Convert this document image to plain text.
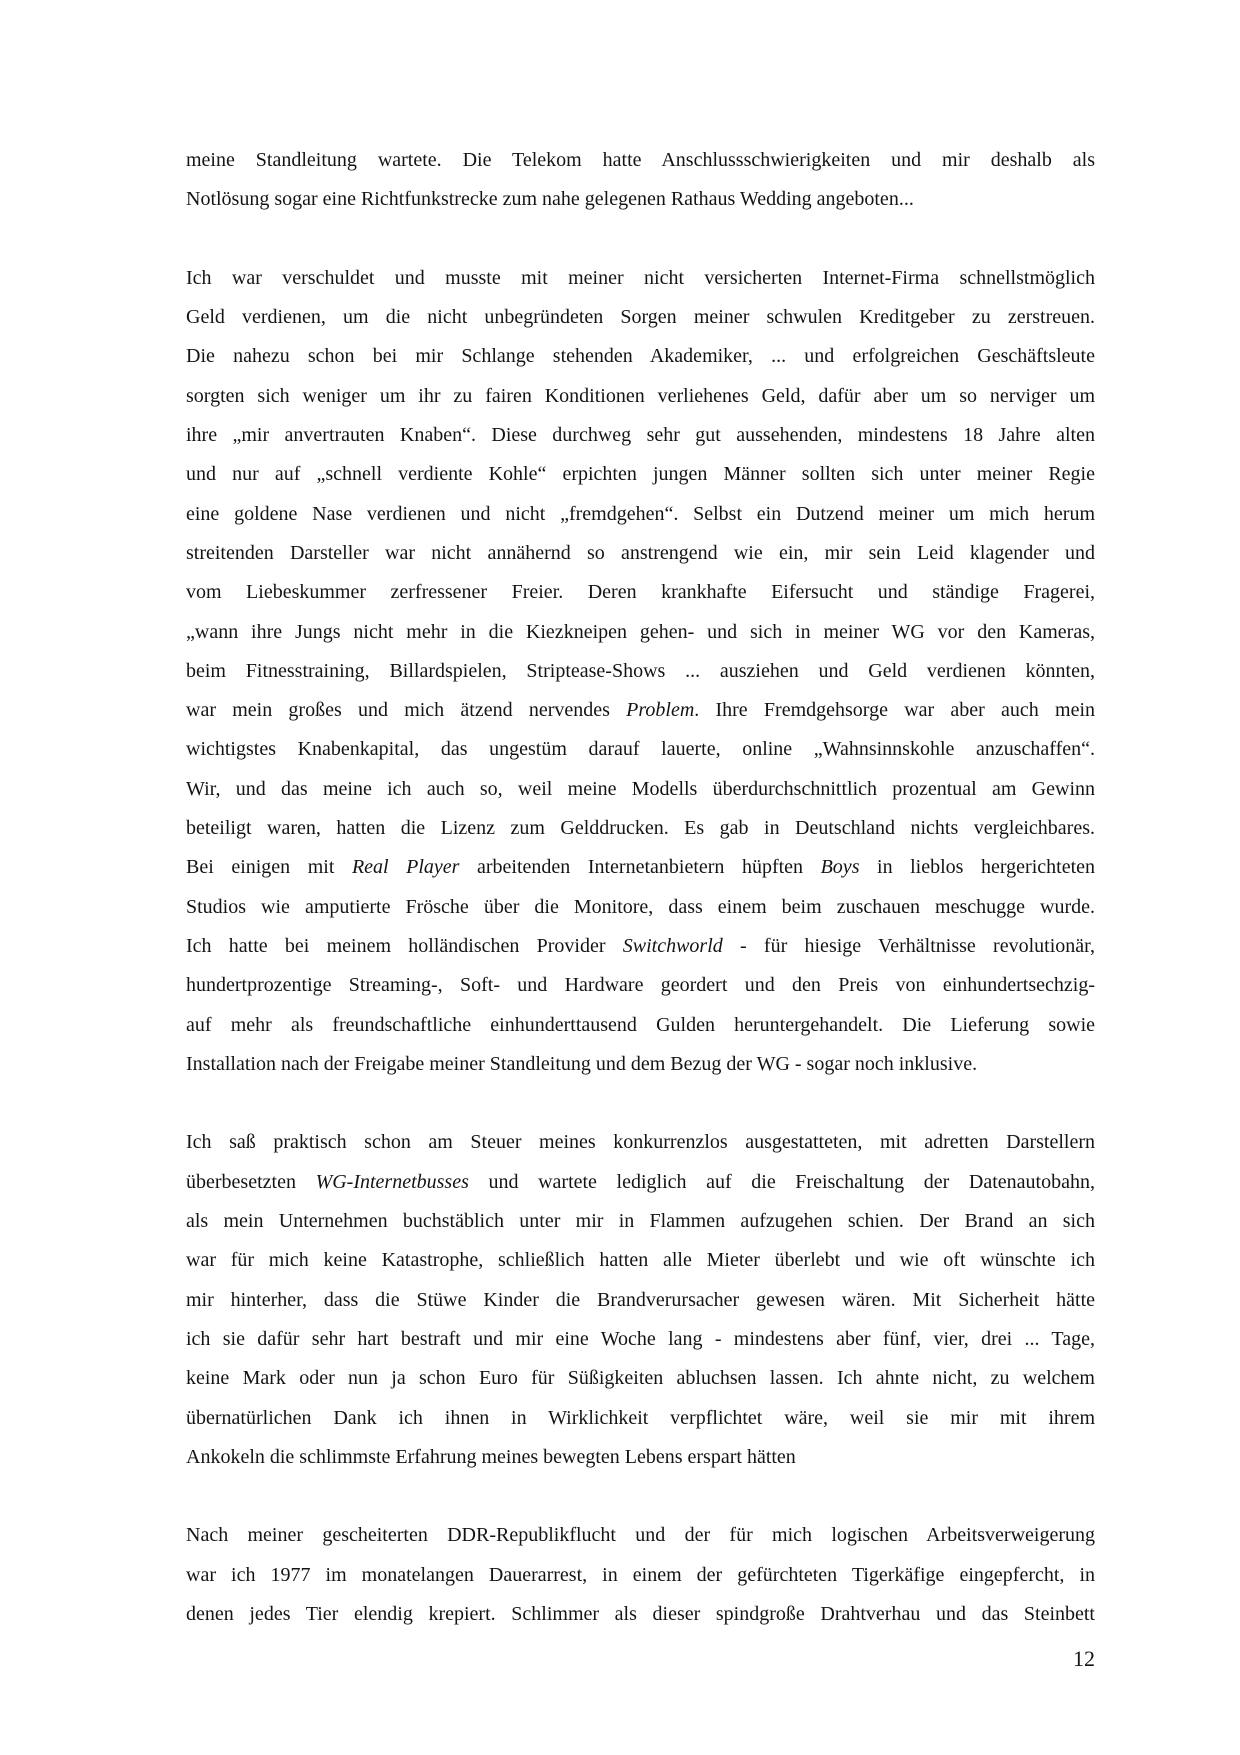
meine Standleitung wartete. Die Telekom hatte Anschlussschwierigkeiten und mir deshalb als
Notlösung sogar eine Richtfunkstrecke zum nahe gelegenen Rathaus Wedding angeboten...
Ich war verschuldet und musste mit meiner nicht versicherten Internet-Firma schnellstmöglich
Geld verdienen, um die nicht unbegründeten Sorgen meiner schwulen Kreditgeber zu zerstreuen.
Die nahezu schon bei mir Schlange stehenden Akademiker, ... und erfolgreichen Geschäftsleute
sorgten sich weniger um ihr zu fairen Konditionen verliehenes Geld, dafür aber um so nerviger um
ihre „mir anvertrauten Knaben“. Diese durchweg sehr gut aussehenden, mindestens 18 Jahre alten
und nur auf „schnell verdiente Kohle“ erpichten jungen Männer sollten sich unter meiner Regie
eine goldene Nase verdienen und nicht „fremdgehen“. Selbst ein Dutzend meiner um mich herum
streitenden Darsteller war nicht annähernd so anstrengend wie ein, mir sein Leid klagender und
vom Liebeskummer zerfressener Freier. Deren krankhafte Eifersucht und ständige Fragerei,
„wann ihre Jungs nicht mehr in die Kiezkneipen gehen- und sich in meiner WG vor den Kameras,
beim Fitnesstraining, Billardspielen, Striptease-Shows ... ausziehen und Geld verdienen könnten,
war mein großes und mich ätzend nervendes Problem. Ihre Fremdgehsorge war aber auch mein
wichtigstes Knabenkapital, das ungestüm darauf lauerte, online „Wahnsinnskohle anzuschaffen“.
Wir, und das meine ich auch so, weil meine Modells überdurchschnittlich prozentual am Gewinn
beteiligt waren, hatten die Lizenz zum Gelddrucken. Es gab in Deutschland nichts vergleichbares.
Bei einigen mit Real Player arbeitenden Internetanbietern hüpften Boys in lieblos hergerichteten
Studios wie amputierte Frösche über die Monitore, dass einem beim zuschauen meschugge wurde.
Ich hatte bei meinem holländischen Provider Switchworld - für hiesige Verhältnisse revolutionär,
hundertprozentige Streaming-, Soft- und Hardware geordert und den Preis von einhundertsechzig-
auf mehr als freundschaftliche einhunderttausend Gulden heruntergehandelt. Die Lieferung sowie
Installation nach der Freigabe meiner Standleitung und dem Bezug der WG - sogar noch inklusive.
Ich saß praktisch schon am Steuer meines konkurrenzlos ausgestatteten, mit adretten Darstellern
überbesetzten WG-Internetbusses und wartete lediglich auf die Freischaltung der Datenautobahn,
als mein Unternehmen buchstäblich unter mir in Flammen aufzugehen schien. Der Brand an sich
war für mich keine Katastrophe, schließlich hatten alle Mieter überlebt und wie oft wünschte ich
mir hinterher, dass die Stüwe Kinder die Brandverursacher gewesen wären. Mit Sicherheit hätte
ich sie dafür sehr hart bestraft und mir eine Woche lang - mindestens aber fünf, vier, drei ... Tage,
keine Mark oder nun ja schon Euro für Süßigkeiten abluchsen lassen. Ich ahnte nicht, zu welchem
übernatürlichen Dank ich ihnen in Wirklichkeit verpflichtet wäre, weil sie mir mit ihrem
Ankokeln die schlimmste Erfahrung meines bewegten Lebens erspart hätten
Nach meiner gescheiterten DDR-Republikflucht und der für mich logischen Arbeitsverweigerung
war ich 1977 im monatelangen Dauerarrest, in einem der gefürchteten Tigerkäfige eingepfercht, in
denen jedes Tier elendig krepiert. Schlimmer als dieser spindgroße Drahtverhau und das Steinbett
12
